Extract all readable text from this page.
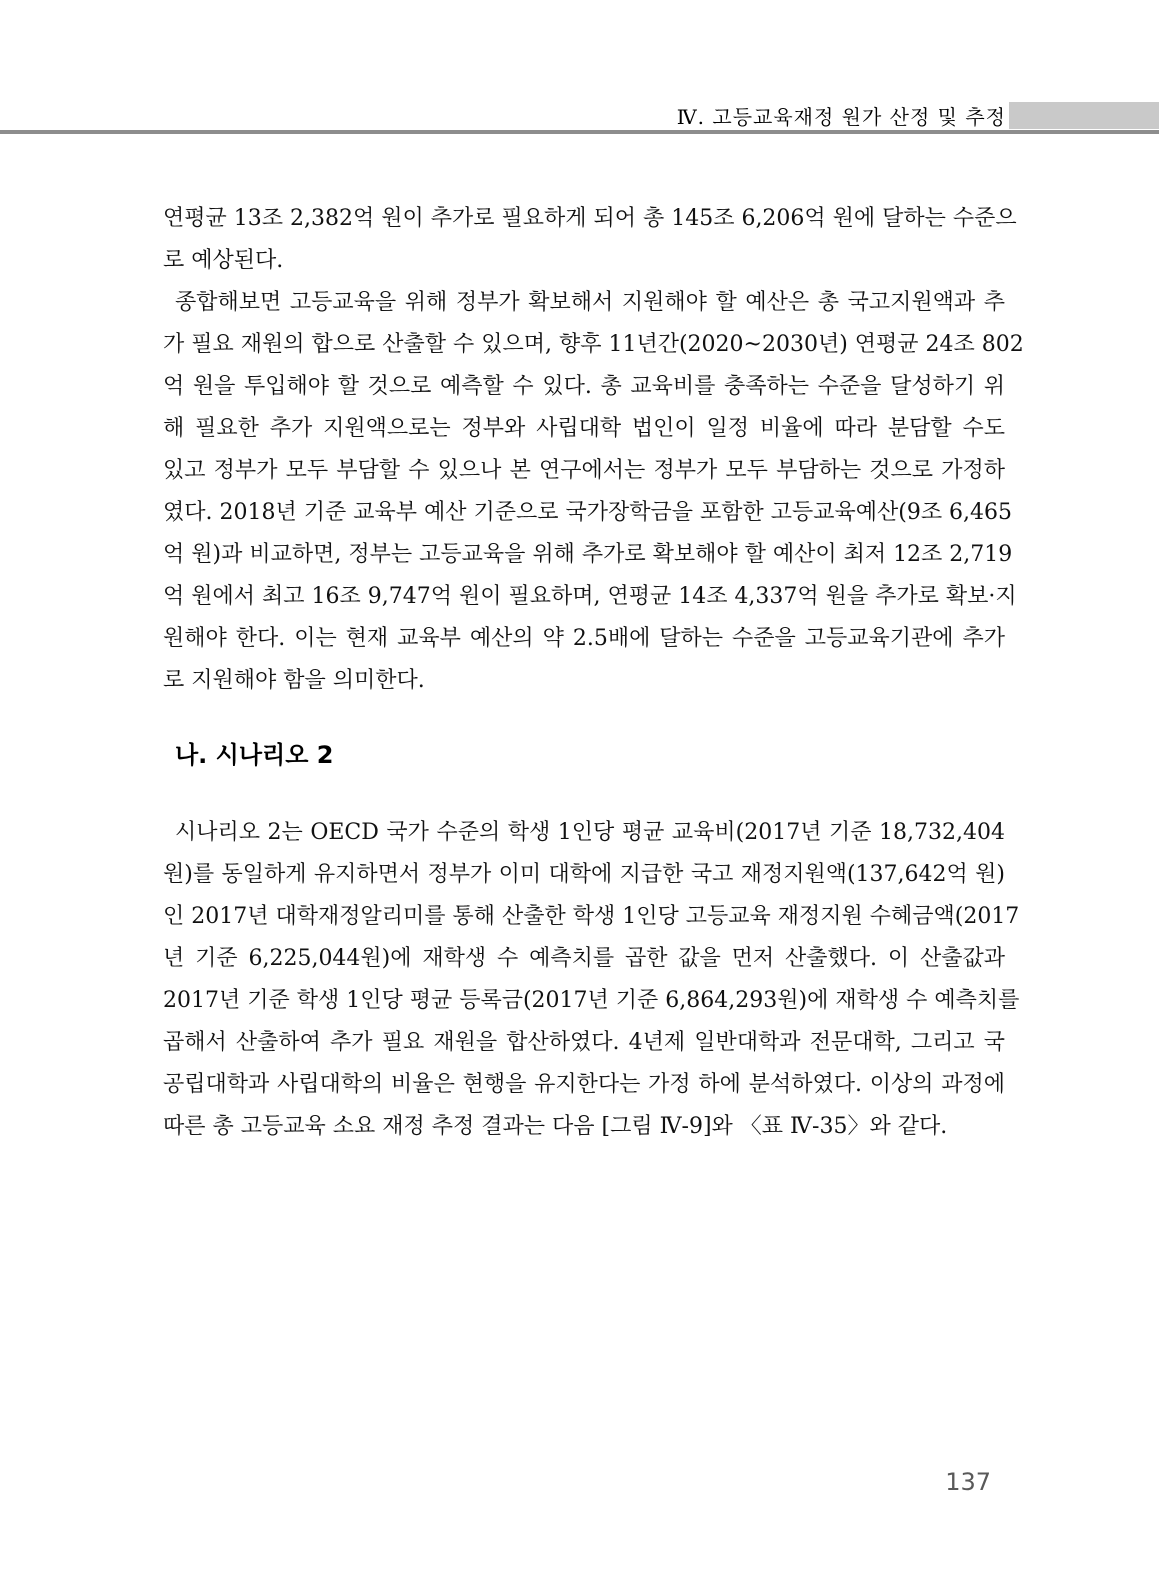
Ⅳ. 고등교육재정 원가 산정 및 추정
연평균 13조 2,382억 원이 추가로 필요하게 되어 총 145조 6,206억 원에 달하는 수준으
로 예상된다.
종합해보면 고등교육을 위해 정부가 확보해서 지원해야 할 예산은 총 국고지원액과 추
가 필요 재원의 합으로 산출할 수 있으며, 향후 11년간(2020~2030년) 연평균 24조 802
억 원을 투입해야 할 것으로 예측할 수 있다. 총 교육비를 충족하는 수준을 달성하기 위
해 필요한 추가 지원액으로는 정부와 사립대학 법인이 일정 비율에 따라 분담할 수도
있고 정부가 모두 부담할 수 있으나 본 연구에서는 정부가 모두 부담하는 것으로 가정하
였다. 2018년 기준 교육부 예산 기준으로 국가장학금을 포함한 고등교육예산(9조 6,465
억 원)과 비교하면, 정부는 고등교육을 위해 추가로 확보해야 할 예산이 최저 12조 2,719
억 원에서 최고 16조 9,747억 원이 필요하며, 연평균 14조 4,337억 원을 추가로 확보·지
원해야 한다. 이는 현재 교육부 예산의 약 2.5배에 달하는 수준을 고등교육기관에 추가
로 지원해야 함을 의미한다.
나. 시나리오 2
시나리오 2는 OECD 국가 수준의 학생 1인당 평균 교육비(2017년 기준 18,732,404
원)를 동일하게 유지하면서 정부가 이미 대학에 지급한 국고 재정지원액(137,642억 원)
인 2017년 대학재정알리미를 통해 산출한 학생 1인당 고등교육 재정지원 수혜금액(2017
년 기준 6,225,044원)에 재학생 수 예측치를 곱한 값을 먼저 산출했다. 이 산출값과
2017년 기준 학생 1인당 평균 등록금(2017년 기준 6,864,293원)에 재학생 수 예측치를
곱해서 산출하여 추가 필요 재원을 합산하였다. 4년제 일반대학과 전문대학, 그리고 국
공립대학과 사립대학의 비율은 현행을 유지한다는 가정 하에 분석하였다. 이상의 과정에
따른 총 고등교육 소요 재정 추정 결과는 다음 [그림 Ⅳ-9]와 〈표 Ⅳ-35〉와 같다.
137
